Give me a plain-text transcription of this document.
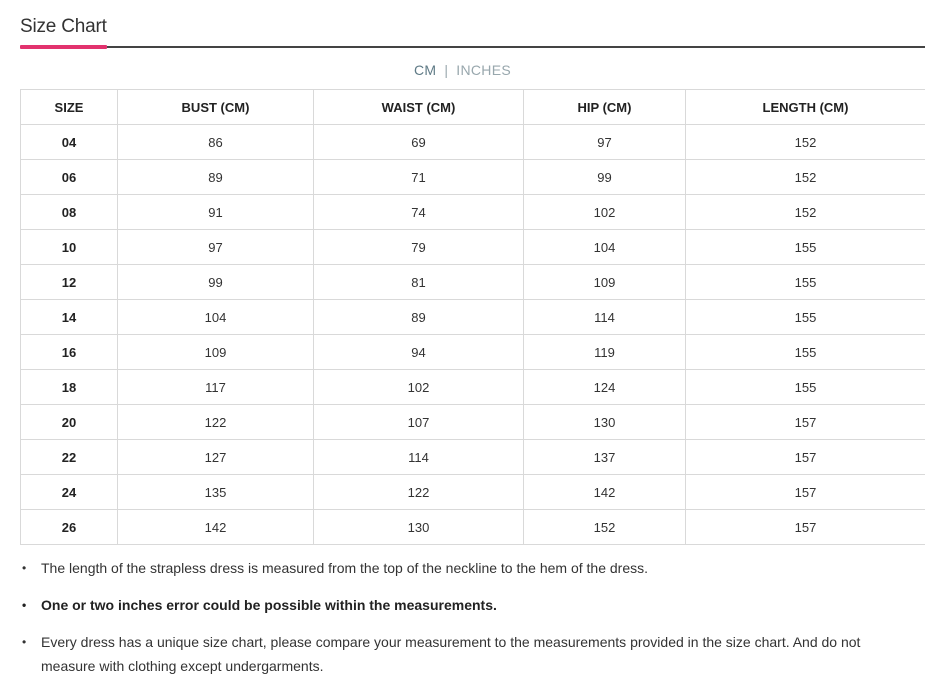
Size Chart
CM | INCHES
SIZE	BUST (CM)	WAIST (CM)	HIP (CM)	LENGTH (CM)
04	86	69	97	152
06	89	71	99	152
08	91	74	102	152
10	97	79	104	155
12	99	81	109	155
14	104	89	114	155
16	109	94	119	155
18	117	102	124	155
20	122	107	130	157
22	127	114	137	157
24	135	122	142	157
26	142	130	152	157
• The length of the strapless dress is measured from the top of the neckline to the hem of the dress.
• One or two inches error could be possible within the measurements.
• Every dress has a unique size chart, please compare your measurement to the measurements provided in the size chart. And do not measure with clothing except undergarments.
